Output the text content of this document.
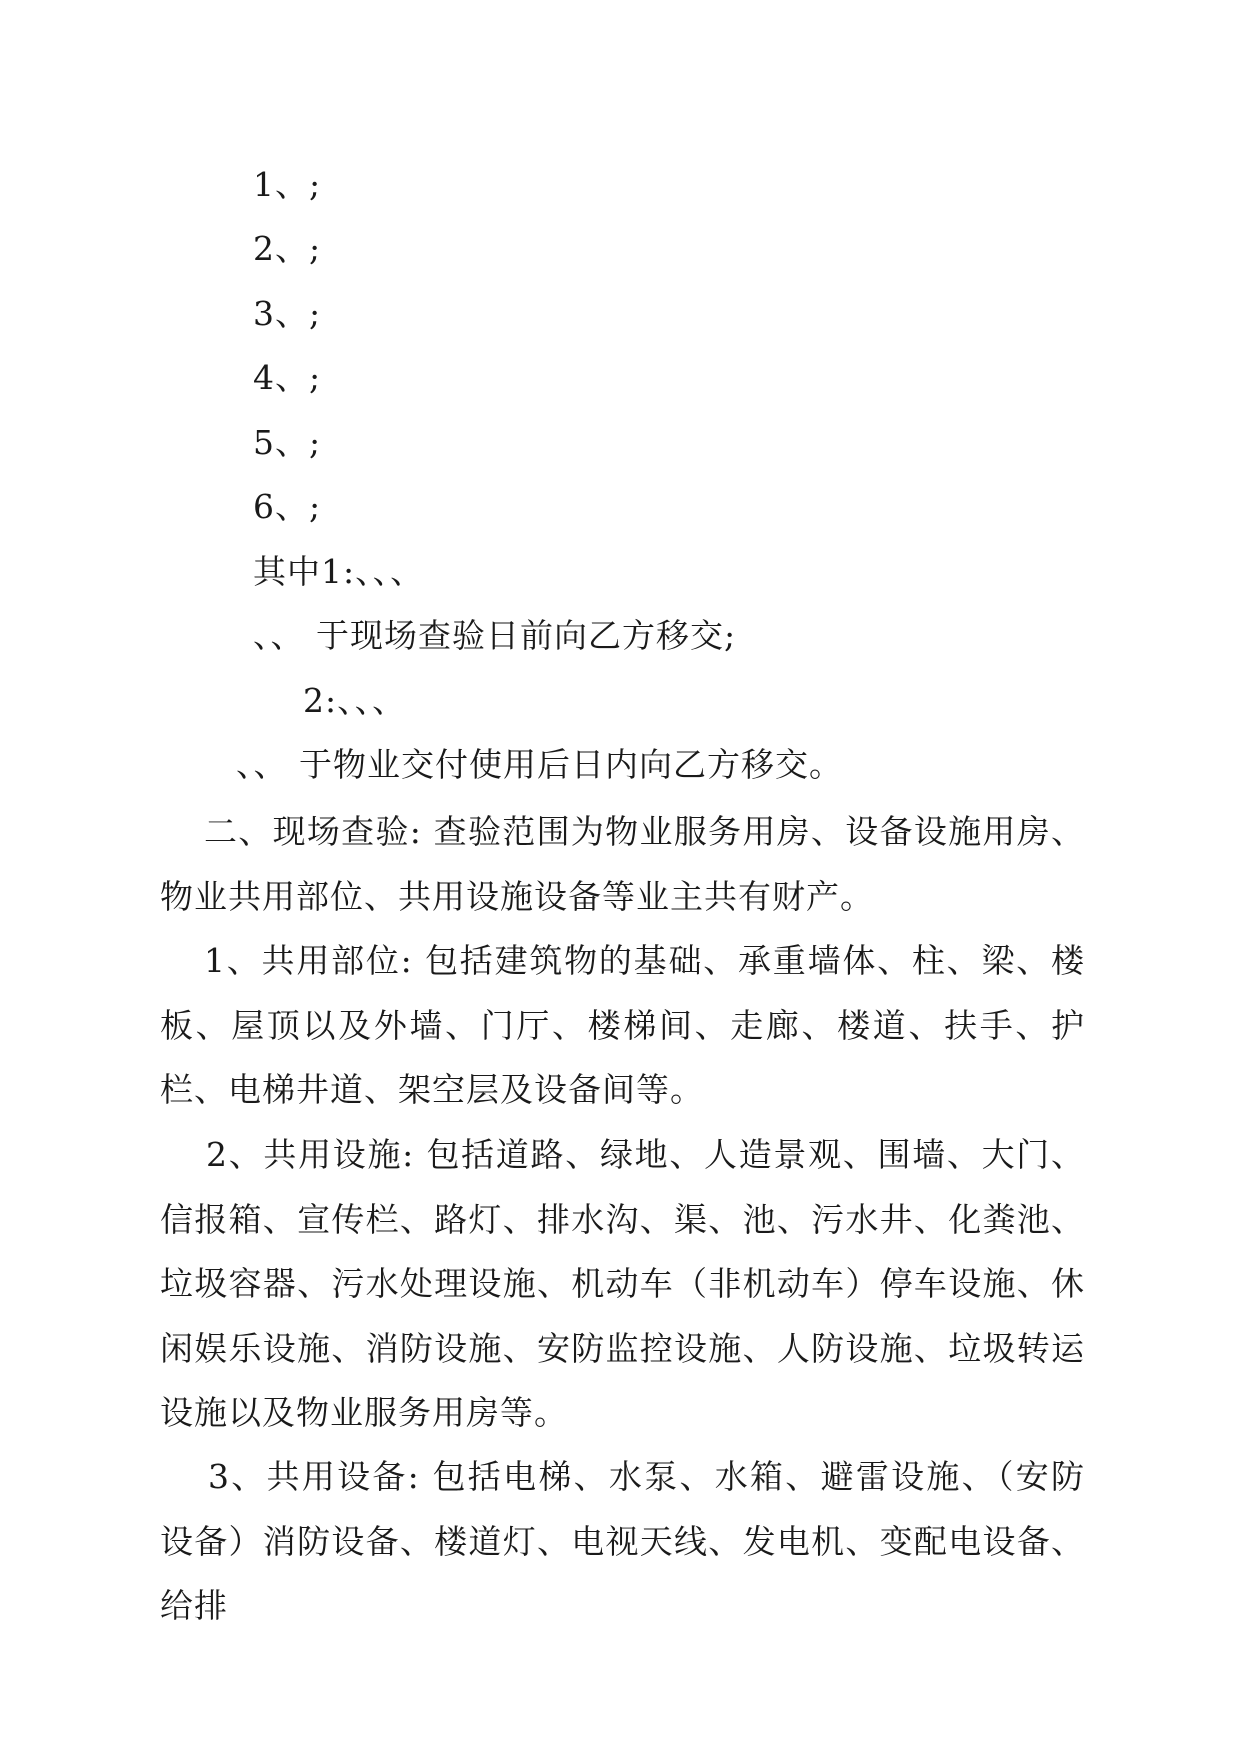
1、;
2、;
3、;
4、;
5、;
6、;
其中1:、、、
、、 于现场查验日前向乙方移交;
2:、、、
、、 于物业交付使用后日内向乙方移交。
二、现场查验: 查验范围为物业服务用房、设备设施用房、物业共用部位、共用设施设备等业主共有财产。
1、共用部位: 包括建筑物的基础、承重墙体、柱、梁、楼板、屋顶以及外墙、门厅、楼梯间、走廊、楼道、扶手、护栏、电梯井道、架空层及设备间等。
2、共用设施: 包括道路、绿地、人造景观、围墙、大门、信报箱、宣传栏、路灯、排水沟、渠、池、污水井、化粪池、垃圾容器、污水处理设施、机动车（非机动车）停车设施、休闲娱乐设施、消防设施、安防监控设施、人防设施、垃圾转运设施以及物业服务用房等。
3、共用设备: 包括电梯、水泵、水箱、避雷设施、（安防设备）消防设备、楼道灯、电视天线、发电机、变配电设备、给排
